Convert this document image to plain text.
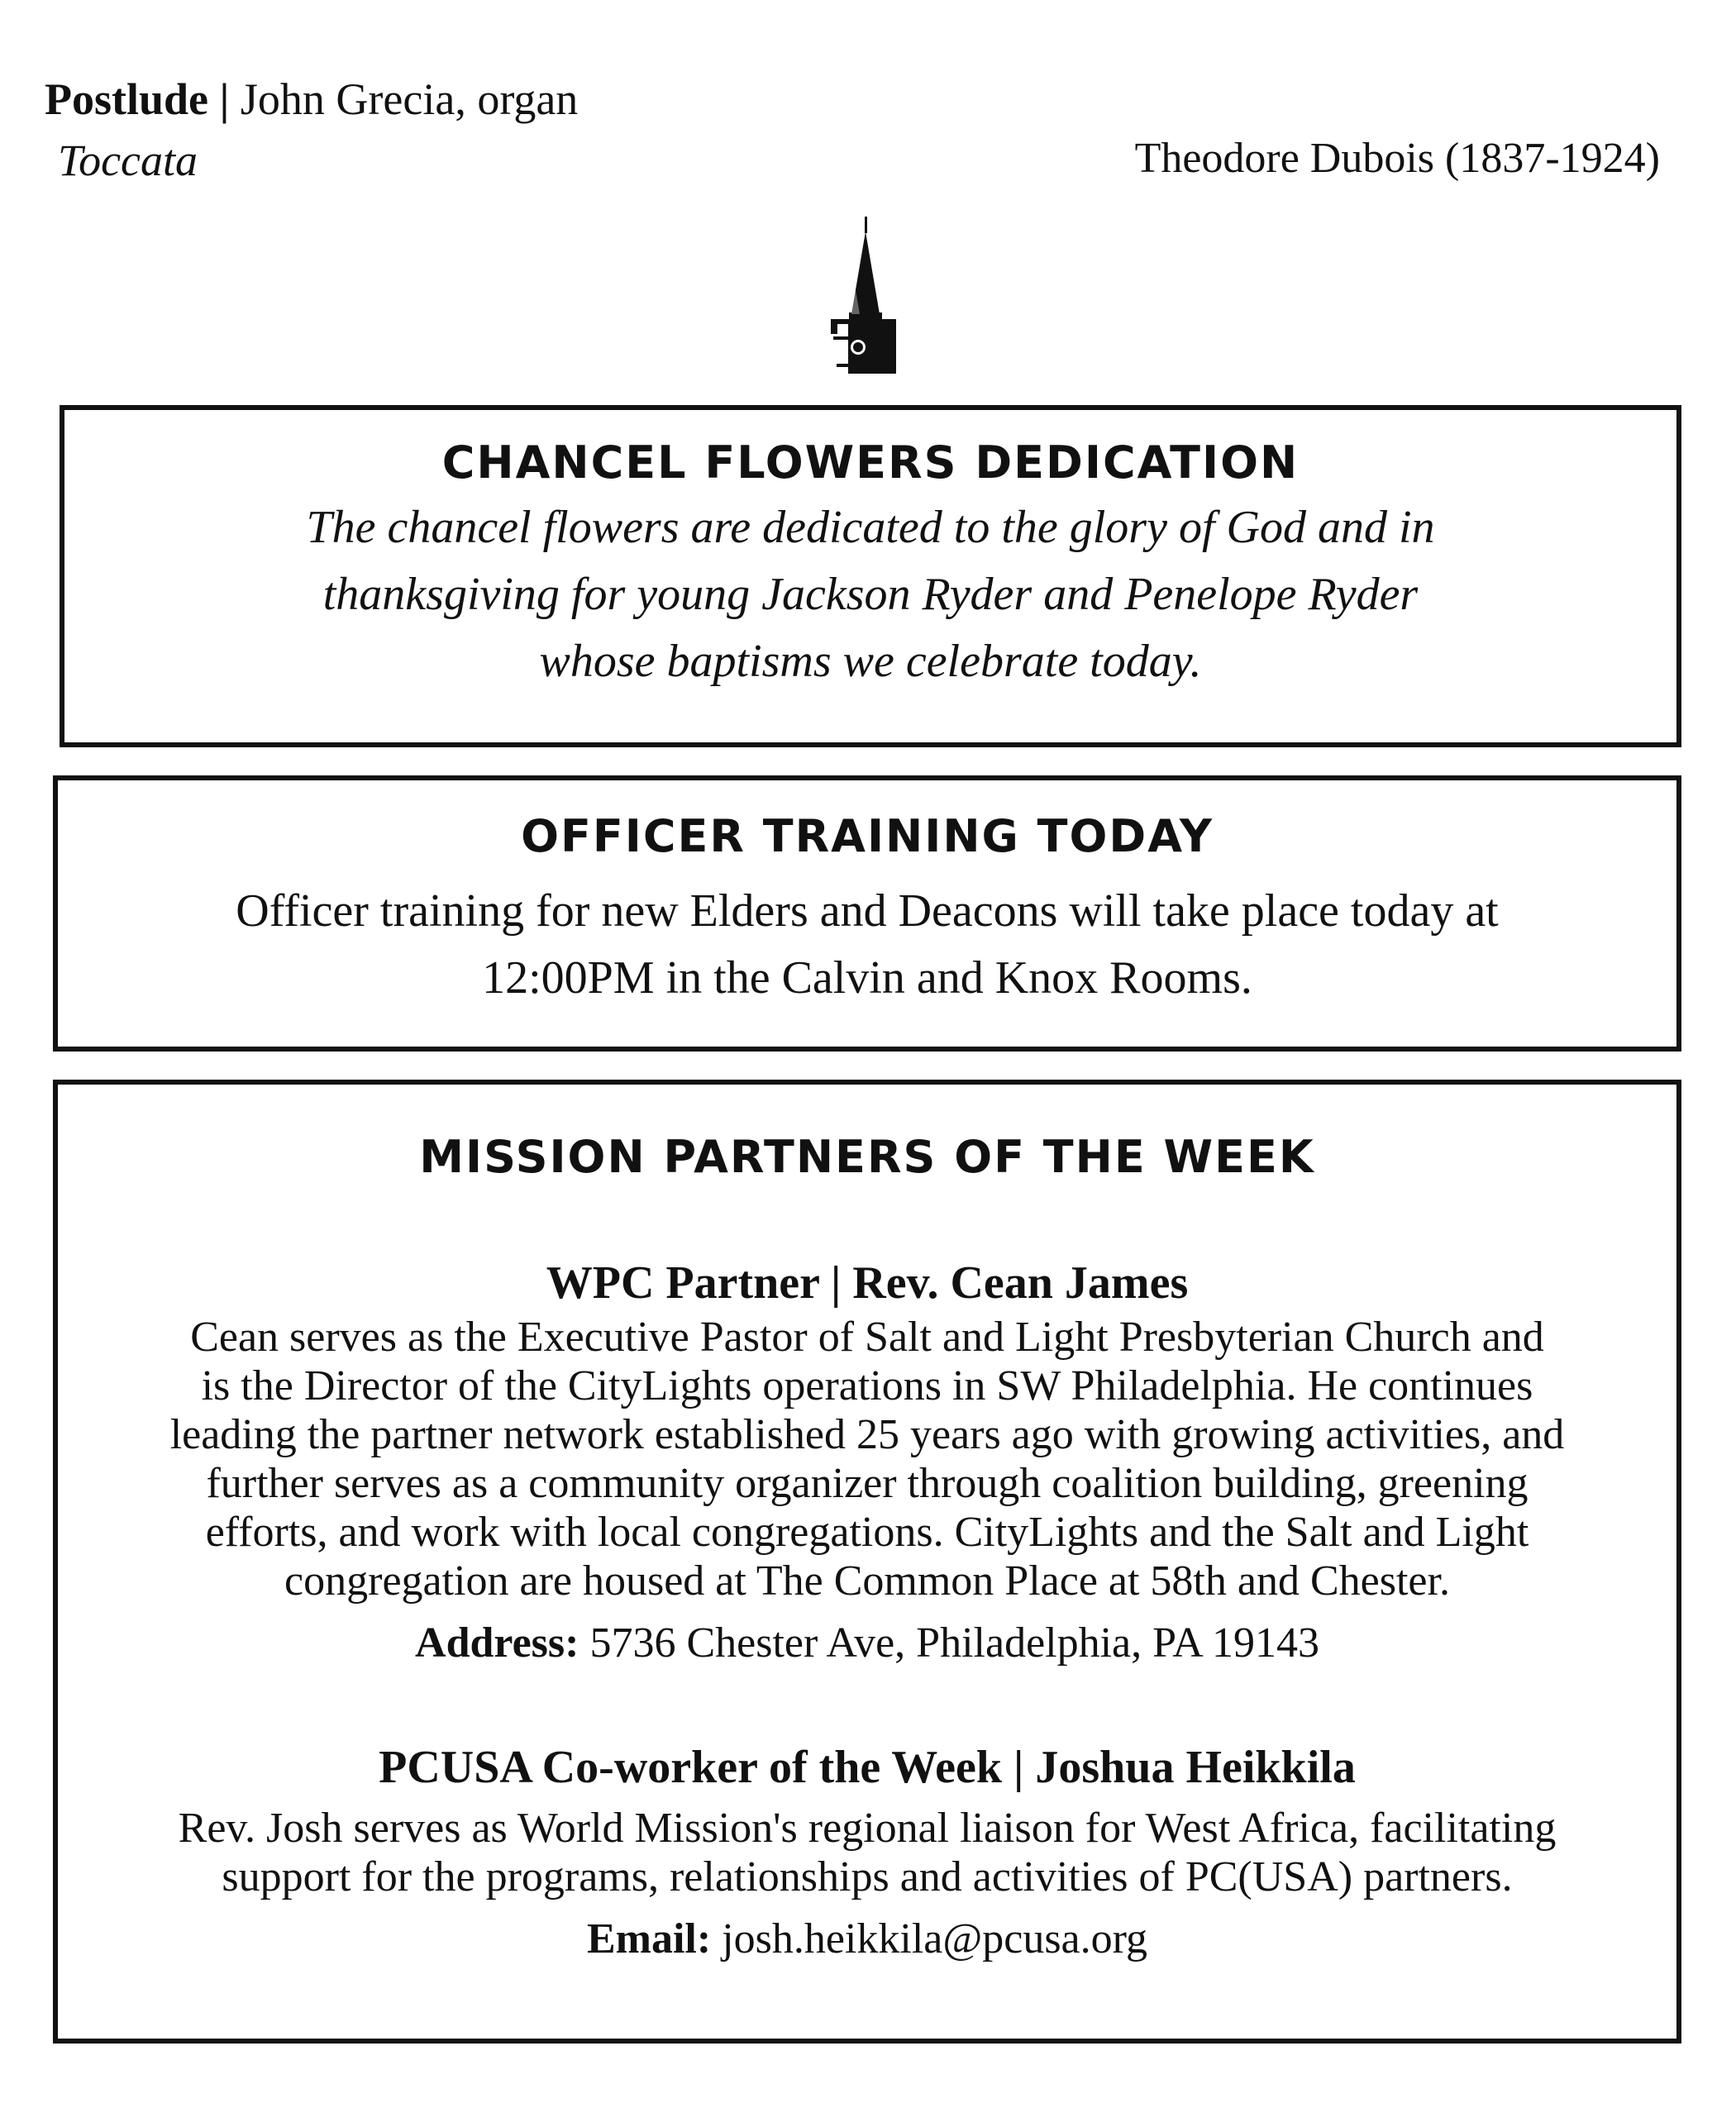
Postlude | John Grecia, organ
Toccata	Theodore Dubois (1837-1924)
CHANCEL FLOWERS DEDICATION
The chancel flowers are dedicated to the glory of God and in
thanksgiving for young Jackson Ryder and Penelope Ryder
whose baptisms we celebrate today.
OFFICER TRAINING TODAY
Officer training for new Elders and Deacons will take place today at
12:00PM in the Calvin and Knox Rooms.
MISSION PARTNERS OF THE WEEK
WPC Partner | Rev. Cean James
Cean serves as the Executive Pastor of Salt and Light Presbyterian Church and
is the Director of the CityLights operations in SW Philadelphia. He continues
leading the partner network established 25 years ago with growing activities, and
further serves as a community organizer through coalition building, greening
efforts, and work with local congregations. CityLights and the Salt and Light
congregation are housed at The Common Place at 58th and Chester.
Address: 5736 Chester Ave, Philadelphia, PA 19143
PCUSA Co-worker of the Week | Joshua Heikkila
Rev. Josh serves as World Mission's regional liaison for West Africa, facilitating
support for the programs, relationships and activities of PC(USA) partners.
Email: josh.heikkila@pcusa.org
